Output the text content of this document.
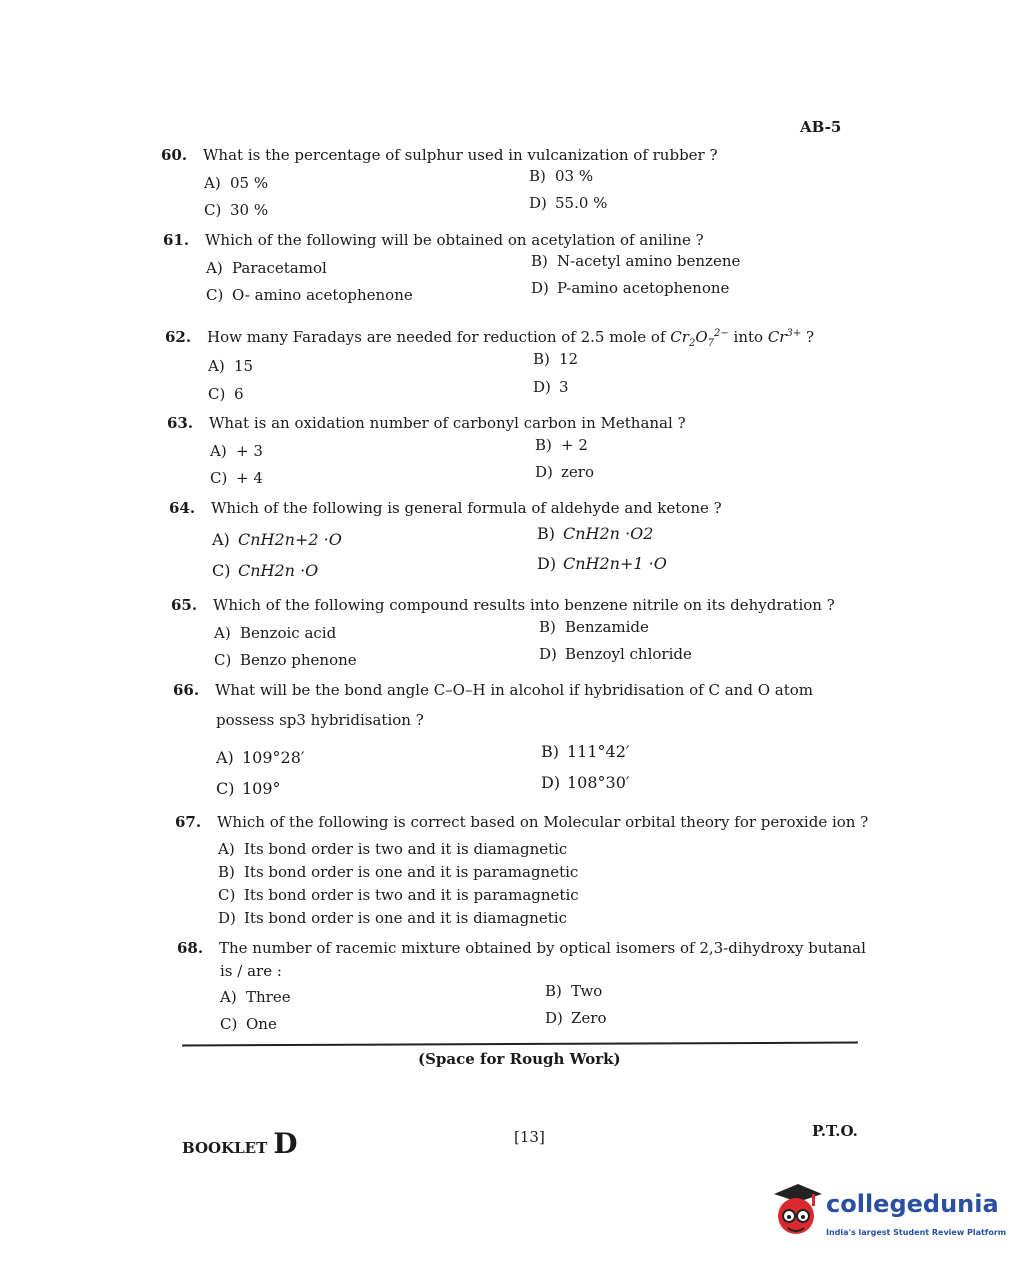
AB-5
60.	What is the percentage of sulphur used in vulcanization of rubber ?
A) 05 %	B) 03 %
C) 30 %	D) 55.0 %
61.	Which of the following will be obtained on acetylation of aniline ?
A) Paracetamol	B) N-acetyl amino benzene
C) O- amino acetophenone	D) P-amino acetophenone
62.	How many Faradays are needed for reduction of 2.5 mole of $Cr_2O_7^{2-}$ into $Cr^{3+}$ ?
A) 15	B) 12
C) 6	D) 3
63.	What is an oxidation number of carbonyl carbon in Methanal ?
A) + 3	B) + 2
C) + 4	D) zero
64.	Which of the following is general formula of aldehyde and ketone ?
A) CnH2n+2 ·O	B) CnH2n ·O2
C) CnH2n ·O	D) CnH2n+1 ·O
65.	Which of the following compound results into benzene nitrile on its dehydration ?
A) Benzoic acid	B) Benzamide
C) Benzo phenone	D) Benzoyl chloride
66.	What will be the bond angle C–O–H in alcohol if hybridisation of C and O atom
possess sp3 hybridisation ?
A) 109°28′	B) 111°42′
C) 109°	D) 108°30′
67.	Which of the following is correct based on Molecular orbital theory for peroxide ion ?
A) Its bond order is two and it is diamagnetic
B) Its bond order is one and it is paramagnetic
C) Its bond order is two and it is paramagnetic
D) Its bond order is one and it is diamagnetic
68.	The number of racemic mixture obtained by optical isomers of 2,3-dihydroxy butanal
is / are :
A) Three	B) Two
C) One	D) Zero
(Space for Rough Work)
BOOKLET D	[13]	P.T.O.
collegedunia
India's largest Student Review Platform
